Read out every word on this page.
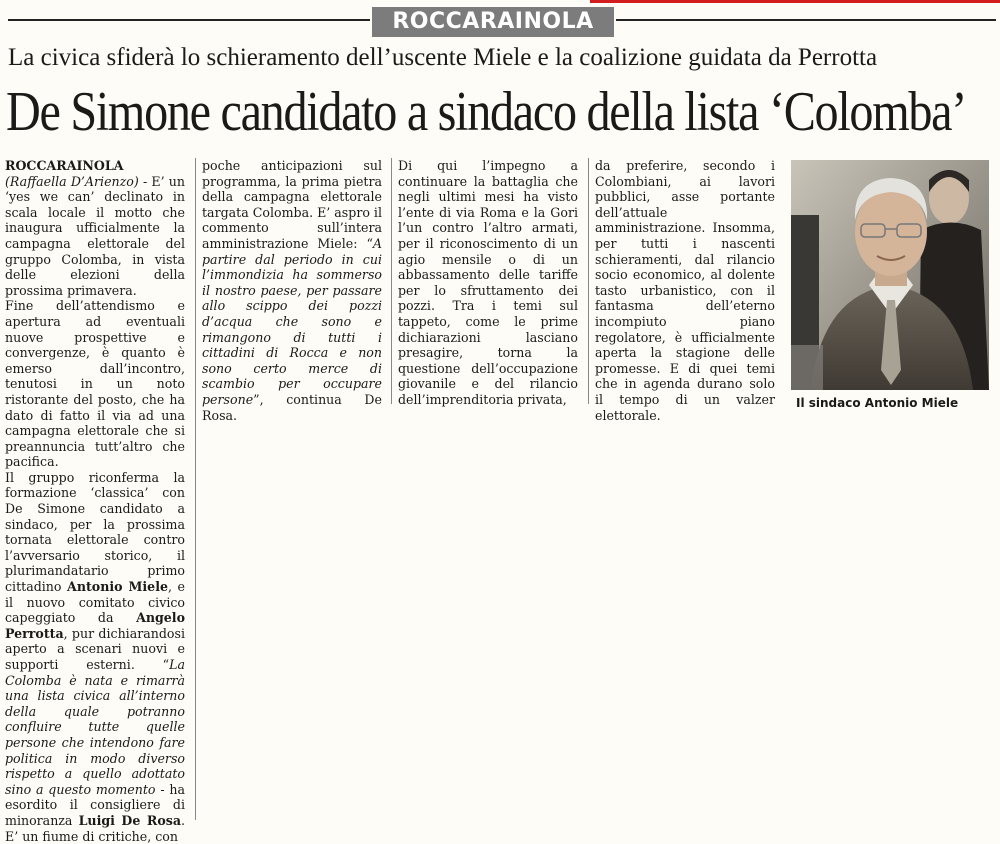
ROCCARAINOLA
La civica sfiderà lo schieramento dell’uscente Miele e la coalizione guidata da Perrotta
De Simone candidato a sindaco della lista ‘Colomba’

ROCCARAINOLA (Raffaella D’Arienzo) - E’ un ‘yes we can’ declinato in scala locale il motto che inaugura ufficialmente la campagna elettorale del gruppo Colomba, in vista delle elezioni della prossima primavera.

Fine dell’attendismo e apertura ad eventuali nuove prospettive e convergenze, è quanto è emerso dall’incontro, tenutosi in un noto ristorante del posto, che ha dato di fatto il via ad una campagna elettorale che si preannuncia tutt’altro che pacifica.

Il gruppo riconferma la formazione ‘classica’ con De Simone candidato a sindaco, per la prossima tornata elettorale contro l’avversario storico, il plurimandatario primo cittadino Antonio Miele, e il nuovo comitato civico capeggiato da Angelo Perrotta, pur dichiarandosi aperto a scenari nuovi e supporti esterni. “La Colomba è nata e rimarrà una lista civica all’interno della quale potranno confluire tutte quelle persone che intendono fare politica in modo diverso rispetto a quello adottato sino a questo momento - ha esordito il consigliere di minoranza Luigi De Rosa. E’ un fiume di critiche, con

poche anticipazioni sul programma, la prima pietra della campagna elettorale targata Colomba. E’ aspro il commento sull’intera amministrazione Miele: “A partire dal periodo in cui l’immondizia ha sommerso il nostro paese, per passare allo scippo dei pozzi d’acqua che sono e rimangono di tutti i cittadini di Rocca e non sono certo merce di scambio per occupare persone”, continua De Rosa.

Di qui l’impegno a continuare la battaglia che negli ultimi mesi ha visto l’ente di via Roma e la Gori l’un contro l’altro armati, per il riconoscimento di un agio mensile o di un abbassamento delle tariffe per lo sfruttamento dei pozzi. Tra i temi sul tappeto, come le prime dichiarazioni lasciano presagire, torna la questione dell’occupazione giovanile e del rilancio dell’imprenditoria privata,

da preferire, secondo i Colombiani, ai lavori pubblici, asse portante dell’attuale amministrazione. Insomma, per tutti i nascenti schieramenti, dal rilancio socio economico, al dolente tasto urbanistico, con il fantasma dell’eterno incompiuto piano regolatore, è ufficialmente aperta la stagione delle promesse. E di quei temi che in agenda durano solo il tempo di un valzer elettorale.

Il sindaco Antonio Miele
